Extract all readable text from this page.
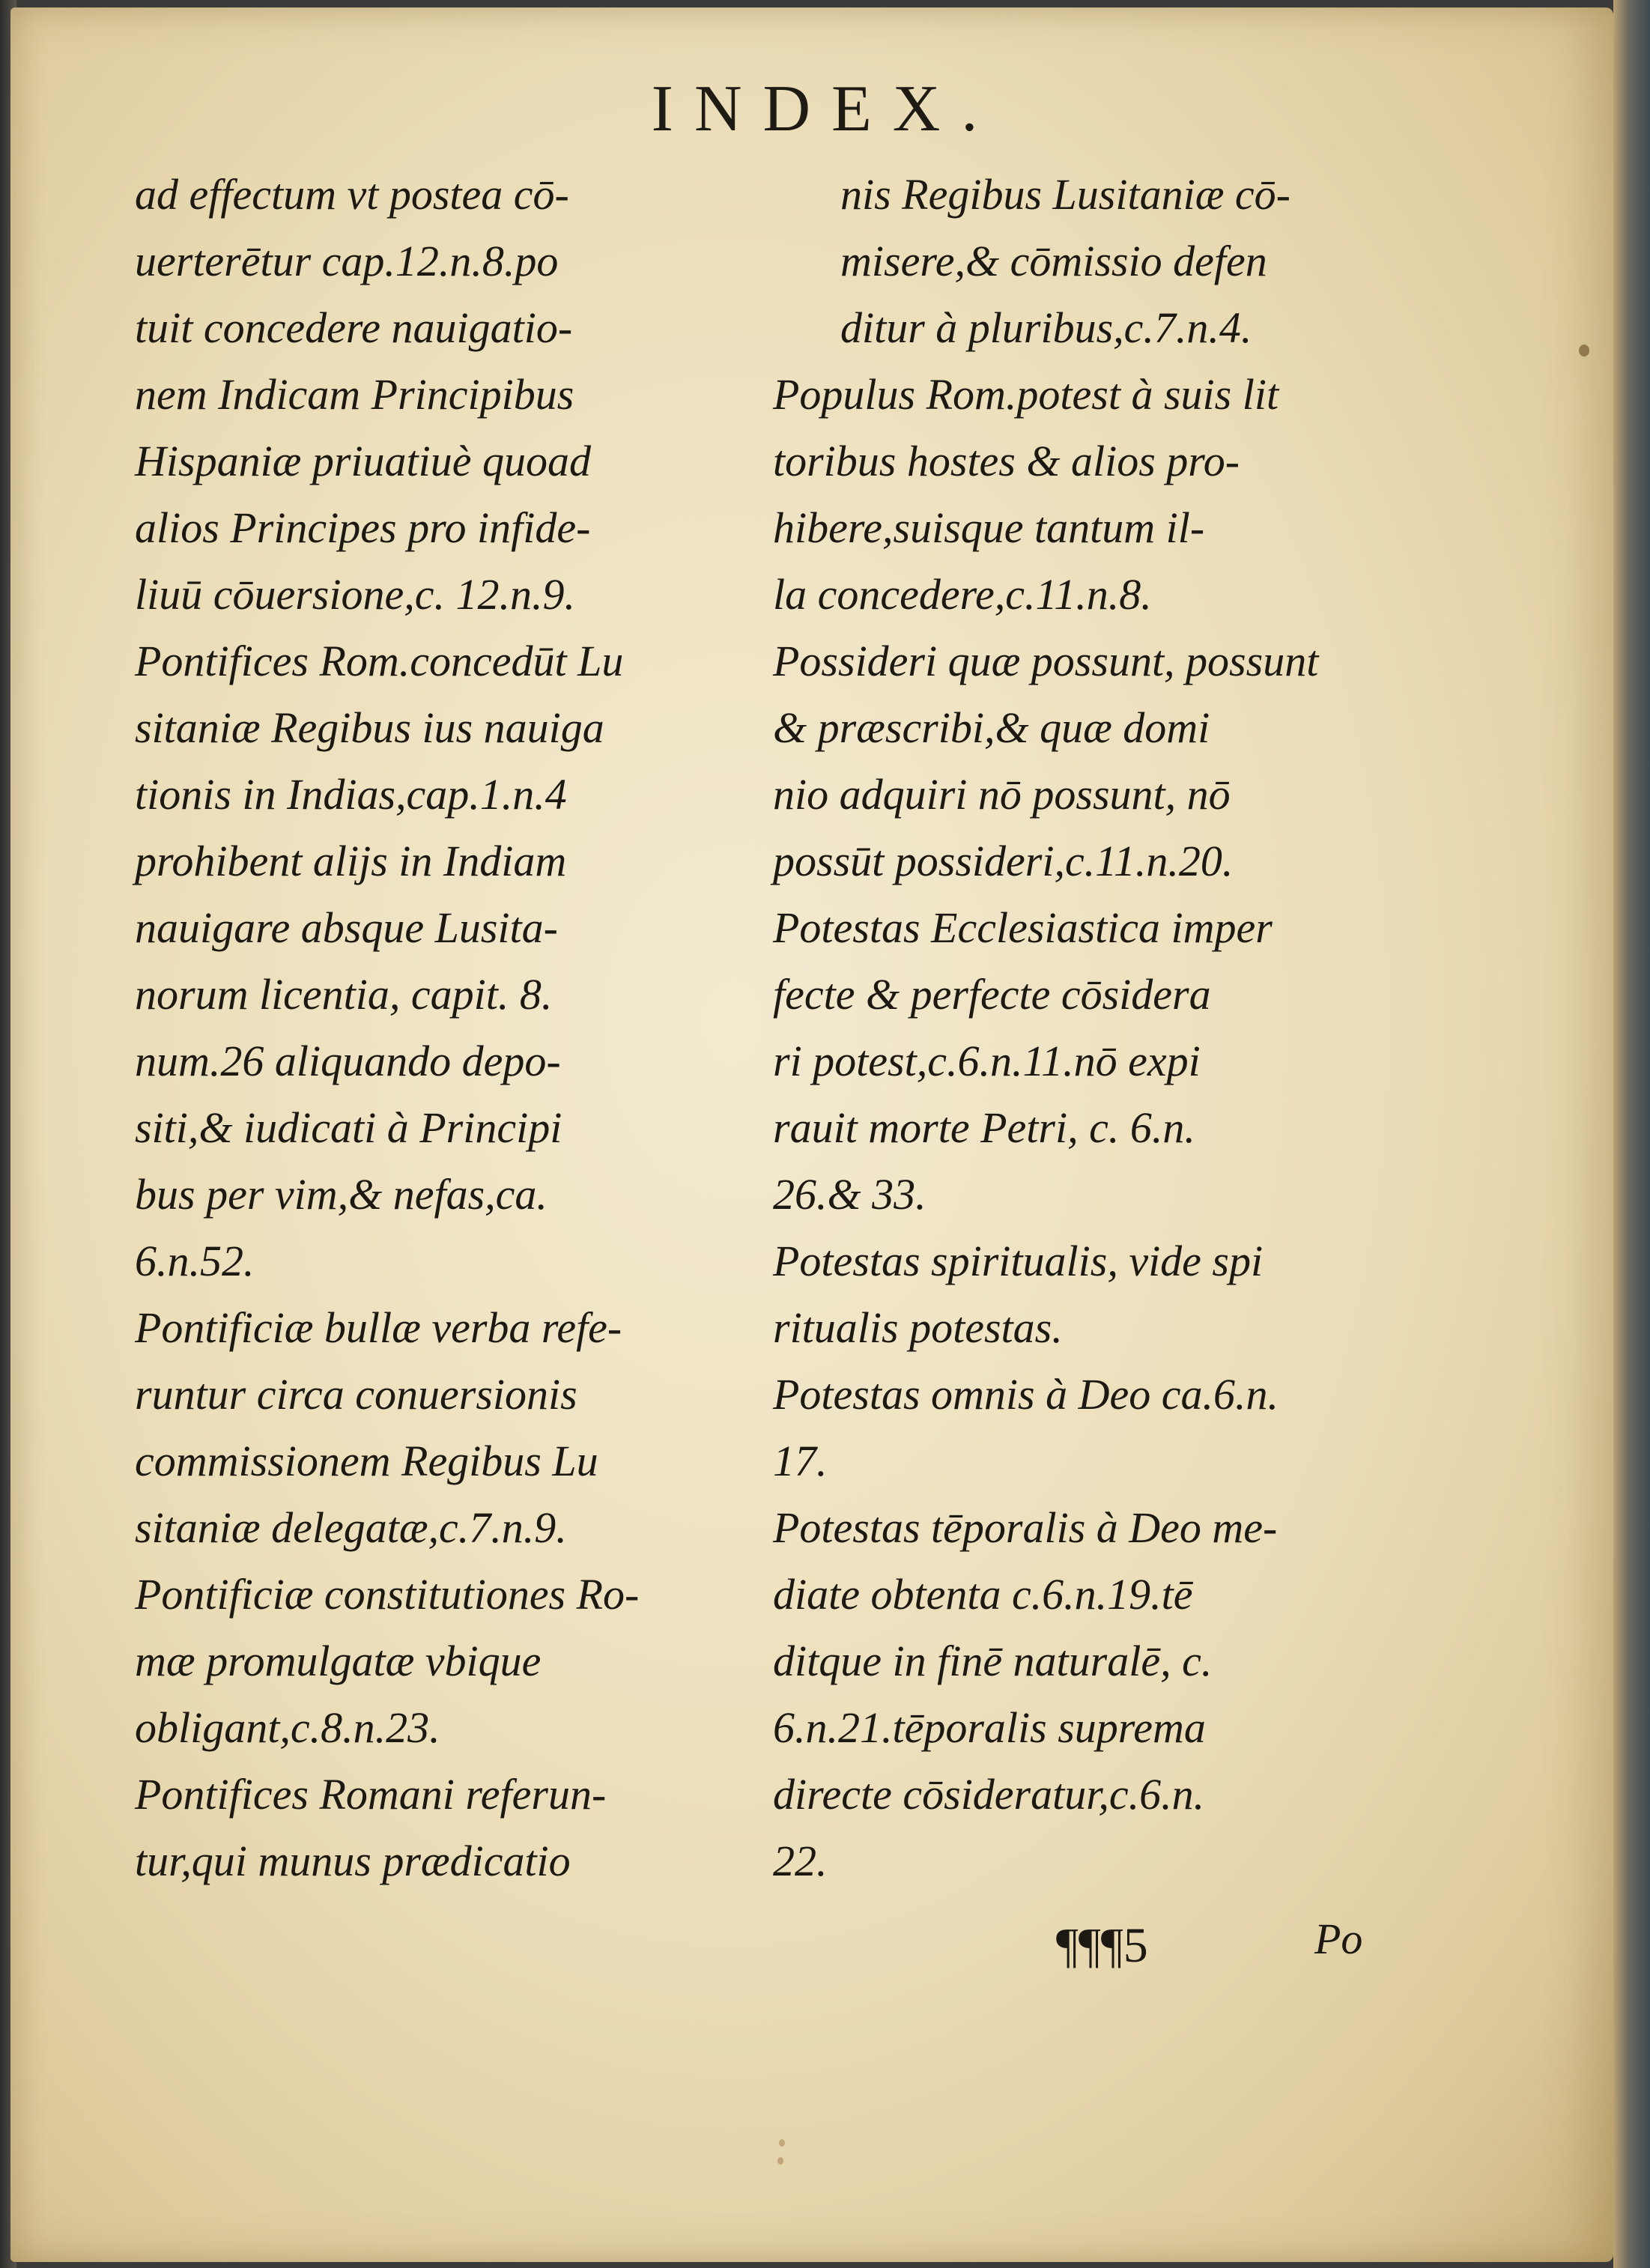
INDEX.
ad effectum vt postea cō-
uerterētur cap.12.n.8.po
tuit concedere nauigatio-
nem Indicam Principibus
Hispaniæ priuatiuè quoad
alios Principes pro infide-
liuū cōuersione,c. 12.n.9.
Pontifices Rom.concedūt Lu
sitaniæ Regibus ius nauiga
tionis in Indias,cap.1.n.4
prohibent alijs in Indiam
nauigare absque Lusita-
norum licentia, capit. 8.
num.26 aliquando depo-
siti,& iudicati à Principi
bus per vim,& nefas,ca.
6.n.52.
Pontificiæ bullæ verba refe-
runtur circa conuersionis
commissionem Regibus Lu
sitaniæ delegatæ,c.7.n.9.
Pontificiæ constitutiones Ro-
mæ promulgatæ vbique
obligant,c.8.n.23.
Pontifices Romani referun-
tur,qui munus prædicatio
nis Regibus Lusitaniæ cō-
misere,& cōmissio defen
ditur à pluribus,c.7.n.4.
Populus Rom.potest à suis lit
toribus hostes & alios pro-
hibere,suisque tantum il-
la concedere,c.11.n.8.
Possideri quæ possunt, possunt
& præscribi,& quæ domi
nio adquiri nō possunt, nō
possūt possideri,c.11.n.20.
Potestas Ecclesiastica imper
fecte & perfecte cōsidera
ri potest,c.6.n.11.nō expi
rauit morte Petri, c. 6.n.
26.& 33.
Potestas spiritualis, vide spi
ritualis potestas.
Potestas omnis à Deo ca.6.n.
17.
Potestas tēporalis à Deo me-
diate obtenta c.6.n.19.tē
ditque in finē naturalē, c.
6.n.21.tēporalis suprema
directe cōsideratur,c.6.n.
22.
¶¶¶5	Po
